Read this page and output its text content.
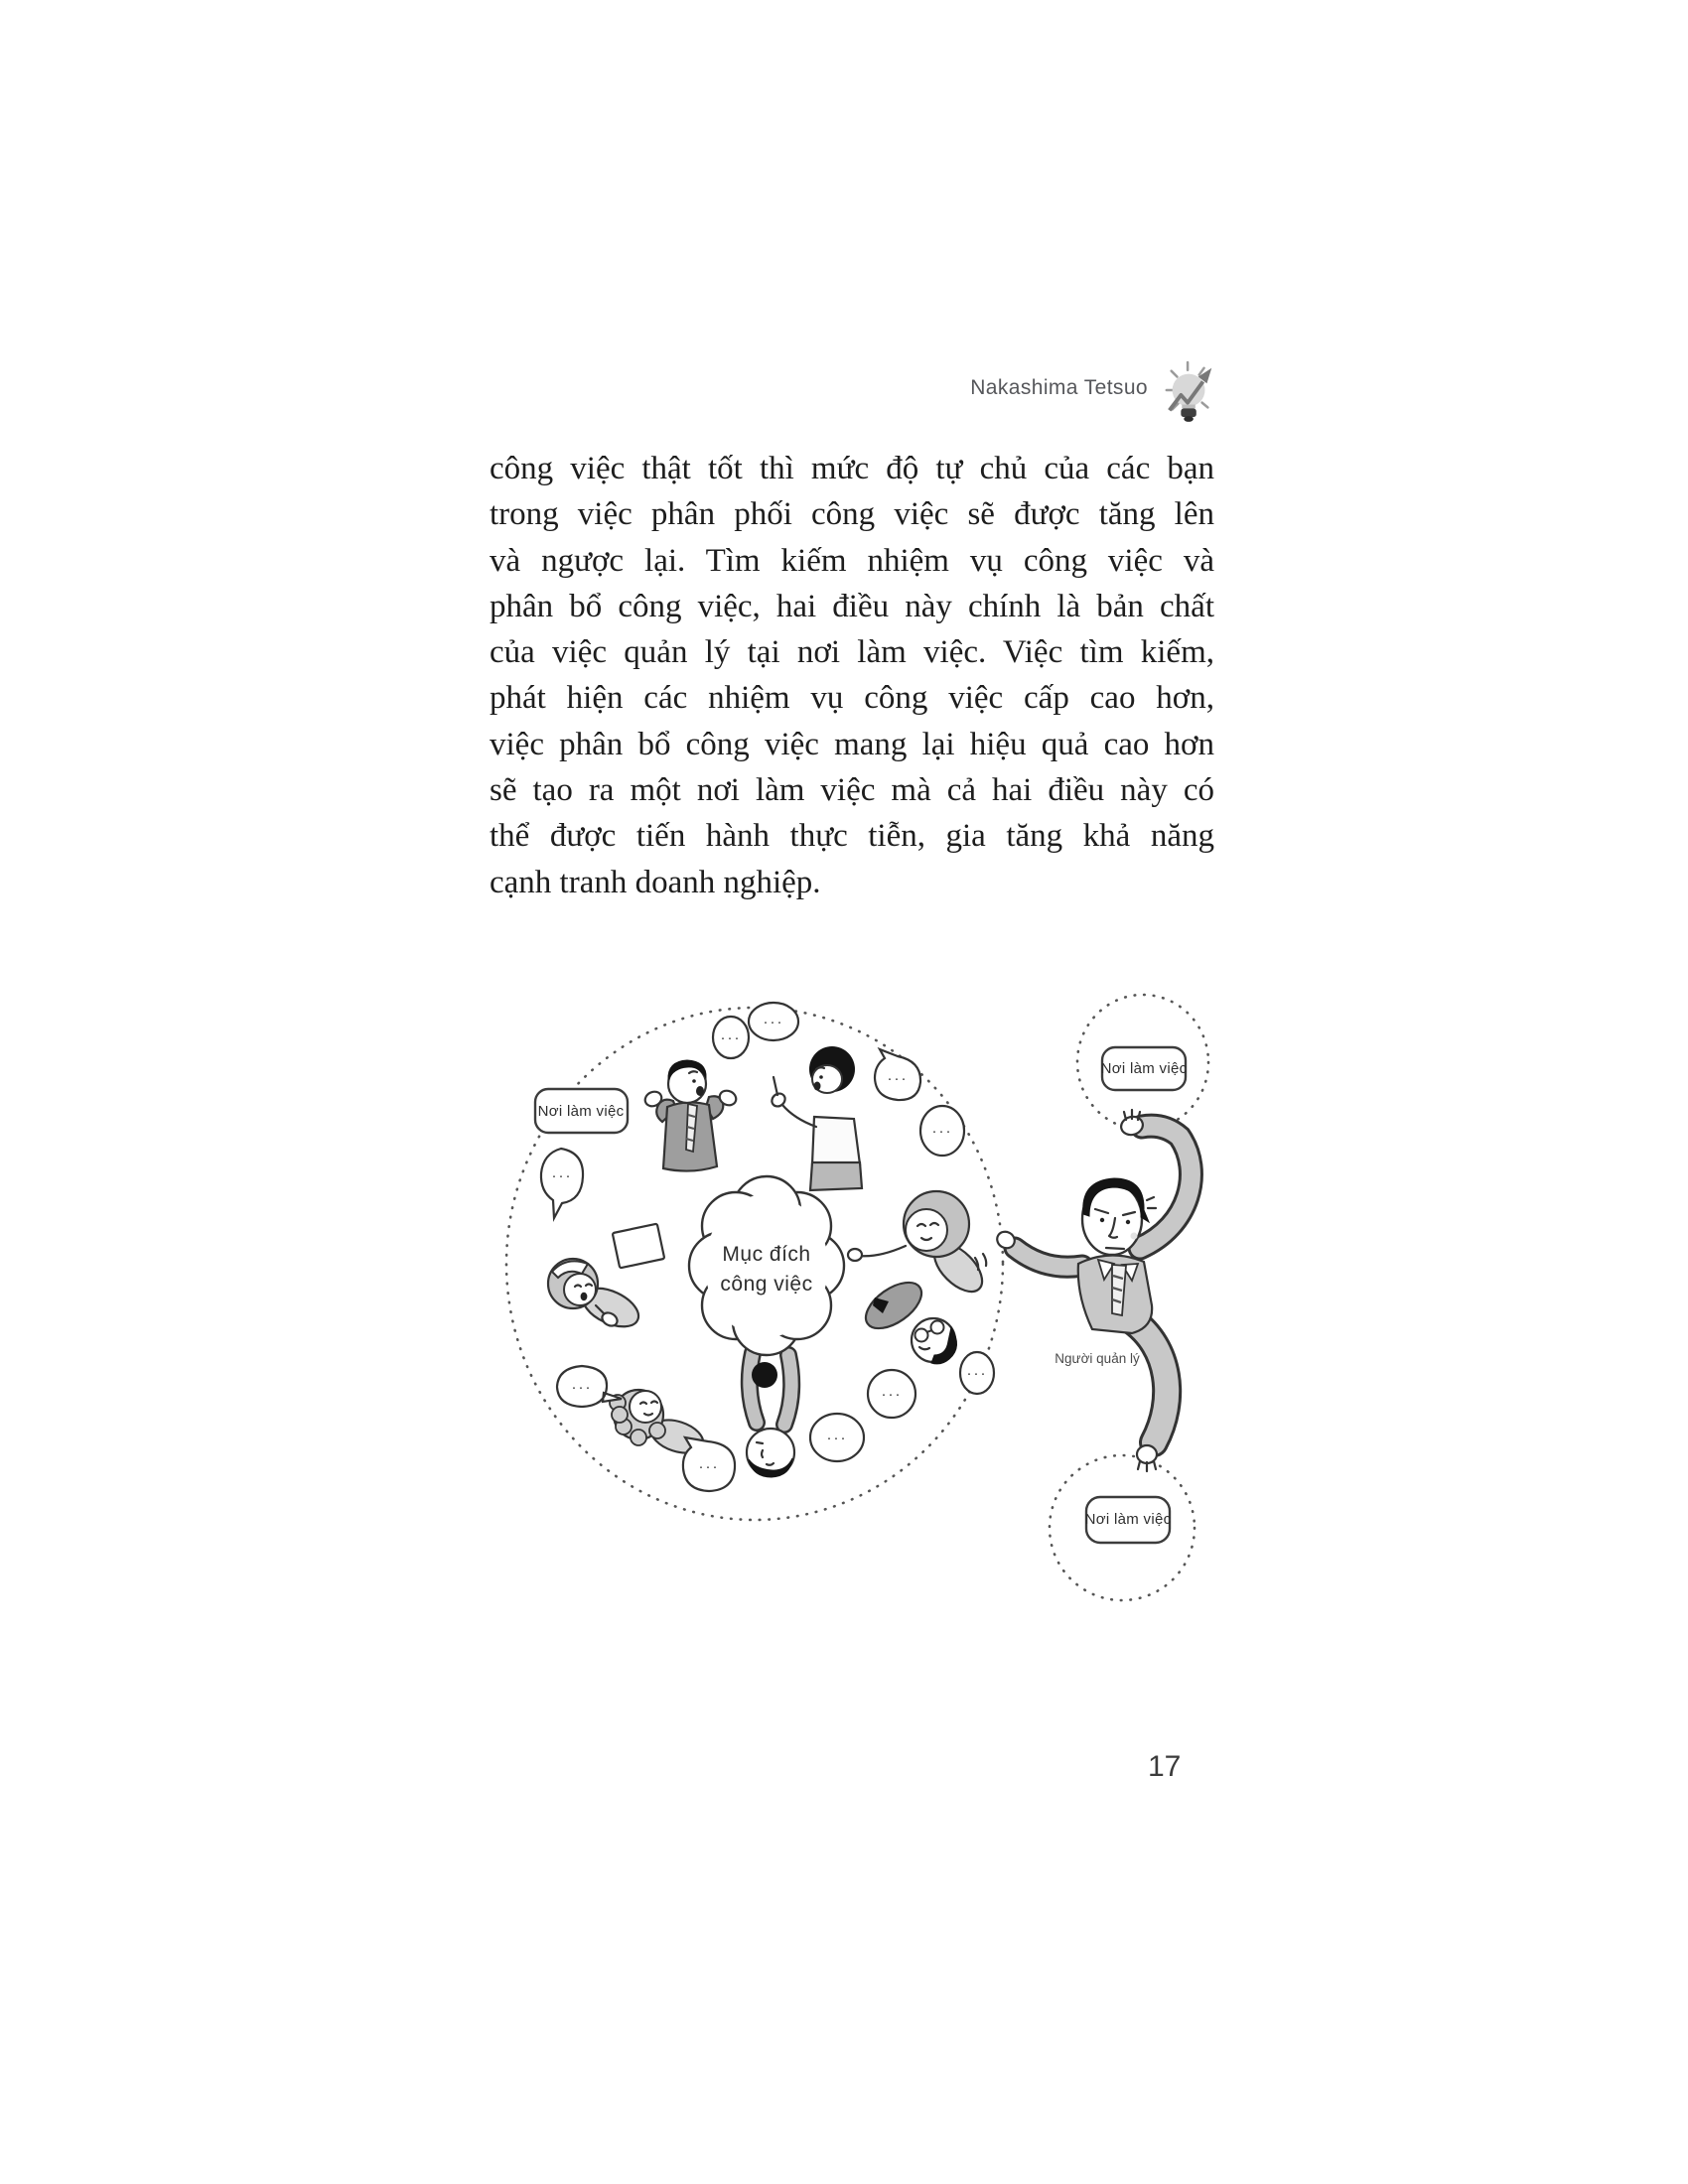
Nakashima Tetsuo
công việc thật tốt thì mức độ tự chủ của các bạn
trong việc phân phối công việc sẽ được tăng lên
và ngược lại. Tìm kiếm nhiệm vụ công việc và
phân bổ công việc, hai điều này chính là bản chất
của việc quản lý tại nơi làm việc. Việc tìm kiếm,
phát hiện các nhiệm vụ công việc cấp cao hơn,
việc phân bổ công việc mang lại hiệu quả cao hơn
sẽ tạo ra một nơi làm việc mà cả hai điều này có
thể được tiến hành thực tiễn, gia tăng khả năng
cạnh tranh doanh nghiệp.
Mục đích
công việc
···
···
···
···
···
···
···
···
···
···
Người quản lý
Nơi làm việc
Nơi làm việc
Nơi làm việc
17
